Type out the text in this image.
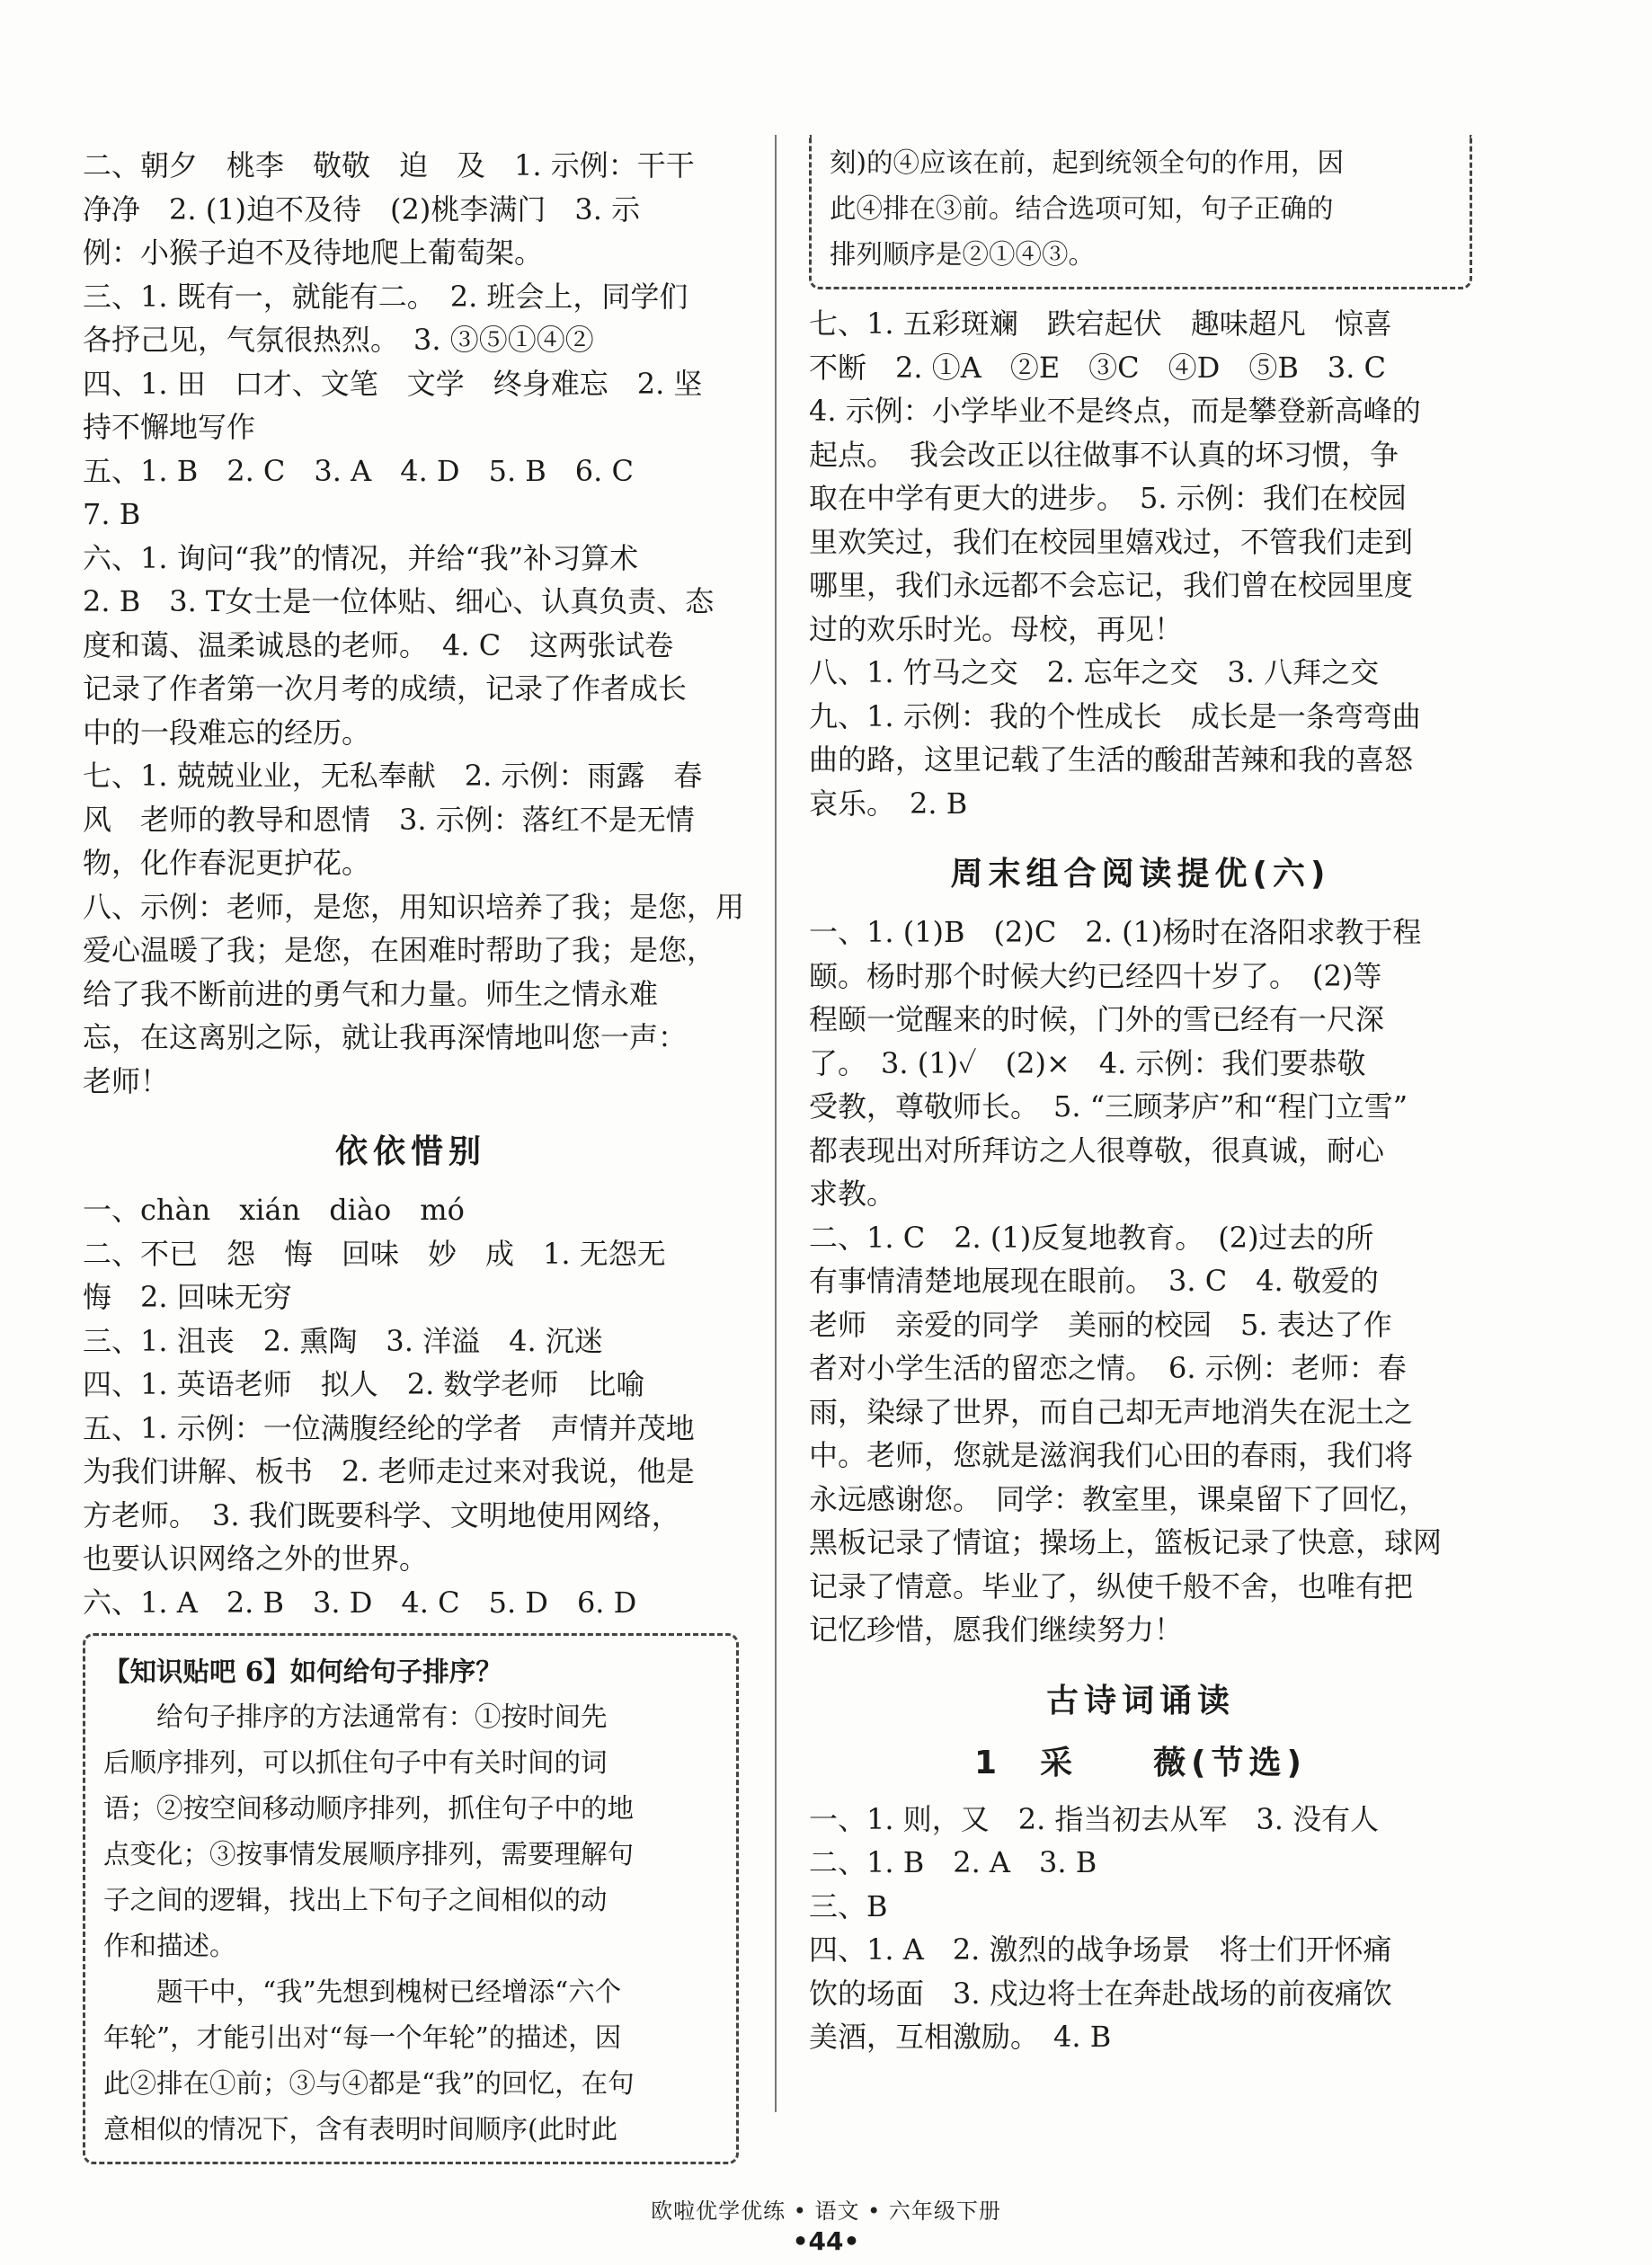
二、朝夕　桃李　敬敬　迫　及　1. 示例：干干
净净　2. (1)迫不及待　(2)桃李满门　3. 示
例：小猴子迫不及待地爬上葡萄架。
三、1. 既有一，就能有二。　2. 班会上，同学们
各抒己见，气氛很热烈。　3. ③⑤①④②
四、1. 田　口才、文笔　文学　终身难忘　2. 坚
持不懈地写作
五、1. B　2. C　3. A　4. D　5. B　6. C
7. B
六、1. 询问“我”的情况，并给“我”补习算术
2. B　3. T女士是一位体贴、细心、认真负责、态
度和蔼、温柔诚恳的老师。　4. C　这两张试卷
记录了作者第一次月考的成绩，记录了作者成长
中的一段难忘的经历。
七、1. 兢兢业业，无私奉献　2. 示例：雨露　春
风　老师的教导和恩情　3. 示例：落红不是无情
物，化作春泥更护花。
八、示例：老师，是您，用知识培养了我；是您，用
爱心温暖了我；是您，在困难时帮助了我；是您，
给了我不断前进的勇气和力量。师生之情永难
忘，在这离别之际，就让我再深情地叫您一声：
老师！
依依惜别
一、chàn　xián　diào　mó
二、不已　怨　悔　回味　妙　成　1. 无怨无
悔　2. 回味无穷
三、1. 沮丧　2. 熏陶　3. 洋溢　4. 沉迷
四、1. 英语老师　拟人　2. 数学老师　比喻
五、1. 示例：一位满腹经纶的学者　声情并茂地
为我们讲解、板书　2. 老师走过来对我说，他是
方老师。　3. 我们既要科学、文明地使用网络，
也要认识网络之外的世界。
六、1. A　2. B　3. D　4. C　5. D　6. D
【知识贴吧 6】如何给句子排序？
　　给句子排序的方法通常有：①按时间先
后顺序排列，可以抓住句子中有关时间的词
语；②按空间移动顺序排列，抓住句子中的地
点变化；③按事情发展顺序排列，需要理解句
子之间的逻辑，找出上下句子之间相似的动
作和描述。
　　题干中，“我”先想到槐树已经增添“六个
年轮”，才能引出对“每一个年轮”的描述，因
此②排在①前；③与④都是“我”的回忆，在句
意相似的情况下，含有表明时间顺序(此时此
刻)的④应该在前，起到统领全句的作用，因
此④排在③前。结合选项可知，句子正确的
排列顺序是②①④③。
七、1. 五彩斑斓　跌宕起伏　趣味超凡　惊喜
不断　2. ①A　②E　③C　④D　⑤B　3. C
4. 示例：小学毕业不是终点，而是攀登新高峰的
起点。　我会改正以往做事不认真的坏习惯，争
取在中学有更大的进步。　5. 示例：我们在校园
里欢笑过，我们在校园里嬉戏过，不管我们走到
哪里，我们永远都不会忘记，我们曾在校园里度
过的欢乐时光。母校，再见！
八、1. 竹马之交　2. 忘年之交　3. 八拜之交
九、1. 示例：我的个性成长　成长是一条弯弯曲
曲的路，这里记载了生活的酸甜苦辣和我的喜怒
哀乐。　2. B
周末组合阅读提优(六)
一、1. (1)B　(2)C　2. (1)杨时在洛阳求教于程
颐。杨时那个时候大约已经四十岁了。　(2)等
程颐一觉醒来的时候，门外的雪已经有一尺深
了。　3. (1)✓　(2)×　4. 示例：我们要恭敬
受教，尊敬师长。　5. “三顾茅庐”和“程门立雪”
都表现出对所拜访之人很尊敬，很真诚，耐心
求教。
二、1. C　2. (1)反复地教育。　(2)过去的所
有事情清楚地展现在眼前。　3. C　4. 敬爱的
老师　亲爱的同学　美丽的校园　5. 表达了作
者对小学生活的留恋之情。　6. 示例：老师：春
雨，染绿了世界，而自己却无声地消失在泥土之
中。老师，您就是滋润我们心田的春雨，我们将
永远感谢您。　同学：教室里，课桌留下了回忆，
黑板记录了情谊；操场上，篮板记录了快意，球网
记录了情意。毕业了，纵使千般不舍，也唯有把
记忆珍惜，愿我们继续努力！
古诗词诵读
1　采　　薇(节选)
一、1. 则，又　2. 指当初去从军　3. 没有人
二、1. B　2. A　3. B
三、B
四、1. A　2. 激烈的战争场景　将士们开怀痛
饮的场面　3. 戍边将士在奔赴战场的前夜痛饮
美酒，互相激励。　4. B
欧啦优学优练 • 语文 • 六年级下册
•44•
